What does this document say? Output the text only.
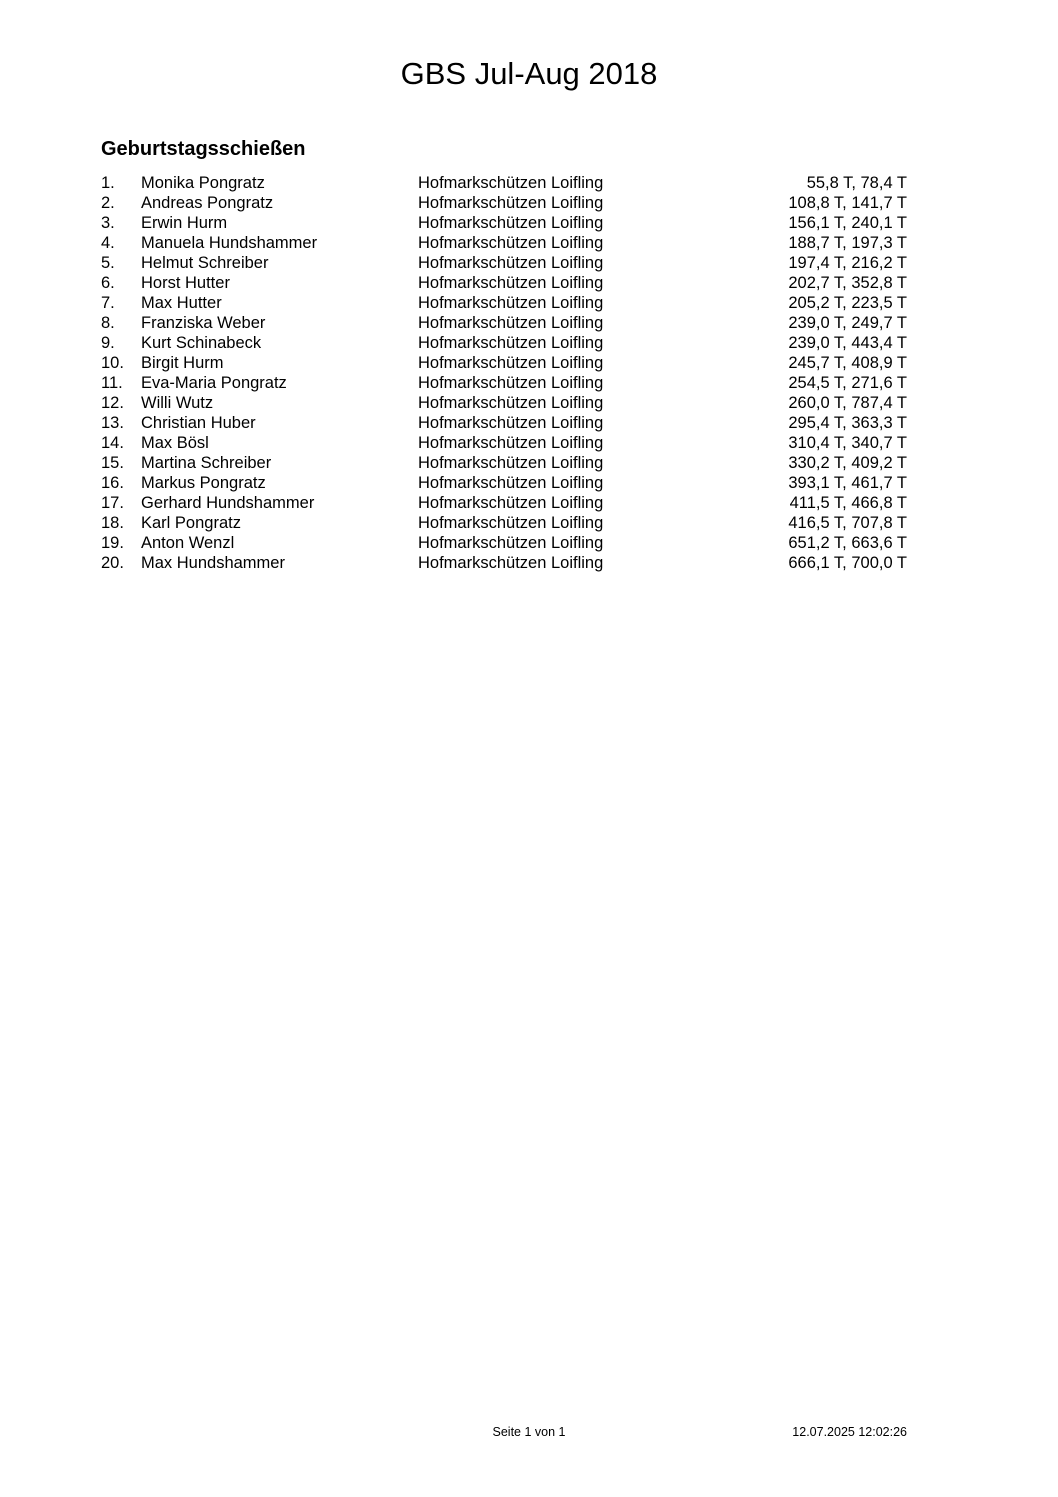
GBS Jul-Aug 2018
Geburtstagsschießen
1. Monika Pongratz	Hofmarkschützen Loifling	55,8 T, 78,4 T
2. Andreas Pongratz	Hofmarkschützen Loifling	108,8 T, 141,7 T
3. Erwin Hurm	Hofmarkschützen Loifling	156,1 T, 240,1 T
4. Manuela Hundshammer	Hofmarkschützen Loifling	188,7 T, 197,3 T
5. Helmut Schreiber	Hofmarkschützen Loifling	197,4 T, 216,2 T
6. Horst Hutter	Hofmarkschützen Loifling	202,7 T, 352,8 T
7. Max Hutter	Hofmarkschützen Loifling	205,2 T, 223,5 T
8. Franziska Weber	Hofmarkschützen Loifling	239,0 T, 249,7 T
9. Kurt Schinabeck	Hofmarkschützen Loifling	239,0 T, 443,4 T
10. Birgit Hurm	Hofmarkschützen Loifling	245,7 T, 408,9 T
11. Eva-Maria Pongratz	Hofmarkschützen Loifling	254,5 T, 271,6 T
12. Willi Wutz	Hofmarkschützen Loifling	260,0 T, 787,4 T
13. Christian Huber	Hofmarkschützen Loifling	295,4 T, 363,3 T
14. Max Bösl	Hofmarkschützen Loifling	310,4 T, 340,7 T
15. Martina Schreiber	Hofmarkschützen Loifling	330,2 T, 409,2 T
16. Markus Pongratz	Hofmarkschützen Loifling	393,1 T, 461,7 T
17. Gerhard Hundshammer	Hofmarkschützen Loifling	411,5 T, 466,8 T
18. Karl Pongratz	Hofmarkschützen Loifling	416,5 T, 707,8 T
19. Anton Wenzl	Hofmarkschützen Loifling	651,2 T, 663,6 T
20. Max Hundshammer	Hofmarkschützen Loifling	666,1 T, 700,0 T
Seite 1 von 1	12.07.2025 12:02:26
